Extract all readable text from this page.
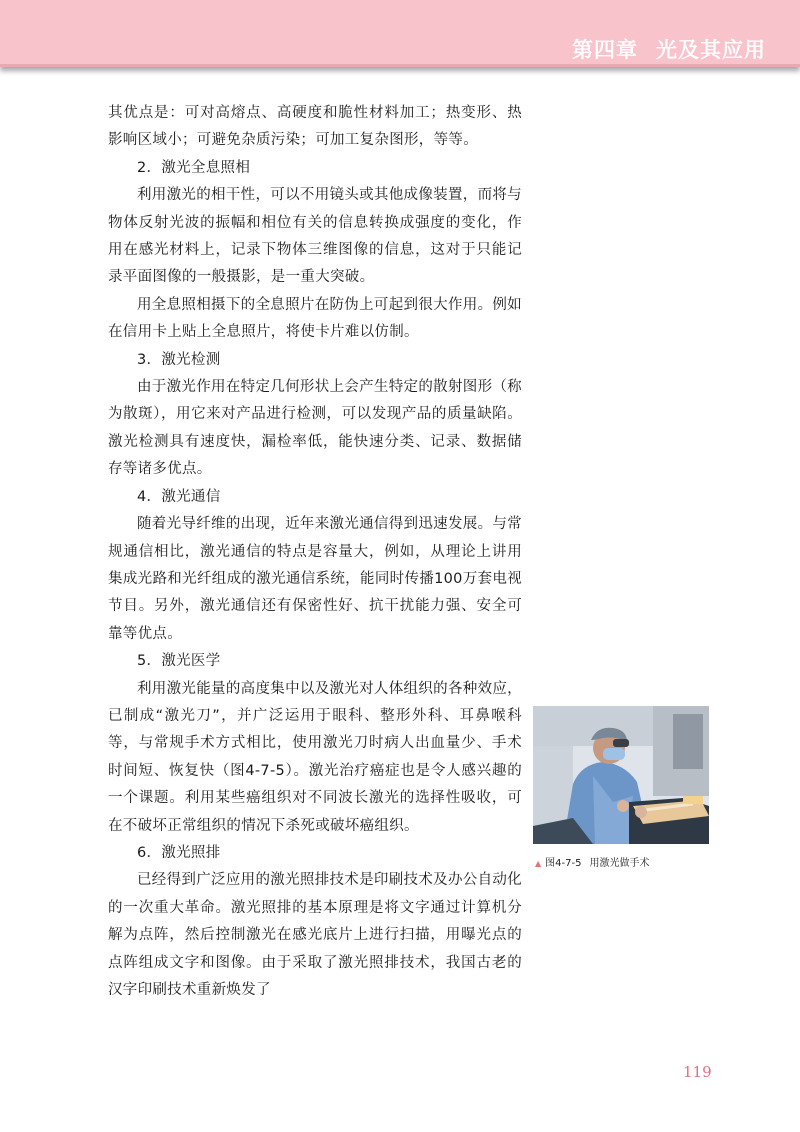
第四章 光及其应用

其优点是：可对高熔点、高硬度和脆性材料加工；热变形、热影响区域小；可避免杂质污染；可加工复杂图形，等等。

2．激光全息照相

利用激光的相干性，可以不用镜头或其他成像装置，而将与物体反射光波的振幅和相位有关的信息转换成强度的变化，作用在感光材料上，记录下物体三维图像的信息，这对于只能记录平面图像的一般摄影，是一重大突破。

用全息照相摄下的全息照片在防伪上可起到很大作用。例如在信用卡上贴上全息照片，将使卡片难以仿制。

3．激光检测

由于激光作用在特定几何形状上会产生特定的散射图形（称为散斑），用它来对产品进行检测，可以发现产品的质量缺陷。激光检测具有速度快，漏检率低，能快速分类、记录、数据储存等诸多优点。

4．激光通信

随着光导纤维的出现，近年来激光通信得到迅速发展。与常规通信相比，激光通信的特点是容量大，例如，从理论上讲用集成光路和光纤组成的激光通信系统，能同时传播100万套电视节目。另外，激光通信还有保密性好、抗干扰能力强、安全可靠等优点。

5．激光医学

利用激光能量的高度集中以及激光对人体组织的各种效应，已制成“激光刀”，并广泛运用于眼科、整形外科、耳鼻喉科等，与常规手术方式相比，使用激光刀时病人出血量少、手术时间短、恢复快（图4-7-5）。激光治疗癌症也是令人感兴趣的一个课题。利用某些癌组织对不同波长激光的选择性吸收，可在不破坏正常组织的情况下杀死或破坏癌组织。

6．激光照排

已经得到广泛应用的激光照排技术是印刷技术及办公自动化的一次重大革命。激光照排的基本原理是将文字通过计算机分解为点阵，然后控制激光在感光底片上进行扫描，用曝光点的点阵组成文字和图像。由于采取了激光照排技术，我国古老的汉字印刷技术重新焕发了

▲ 图4-7-5 用激光做手术
119
